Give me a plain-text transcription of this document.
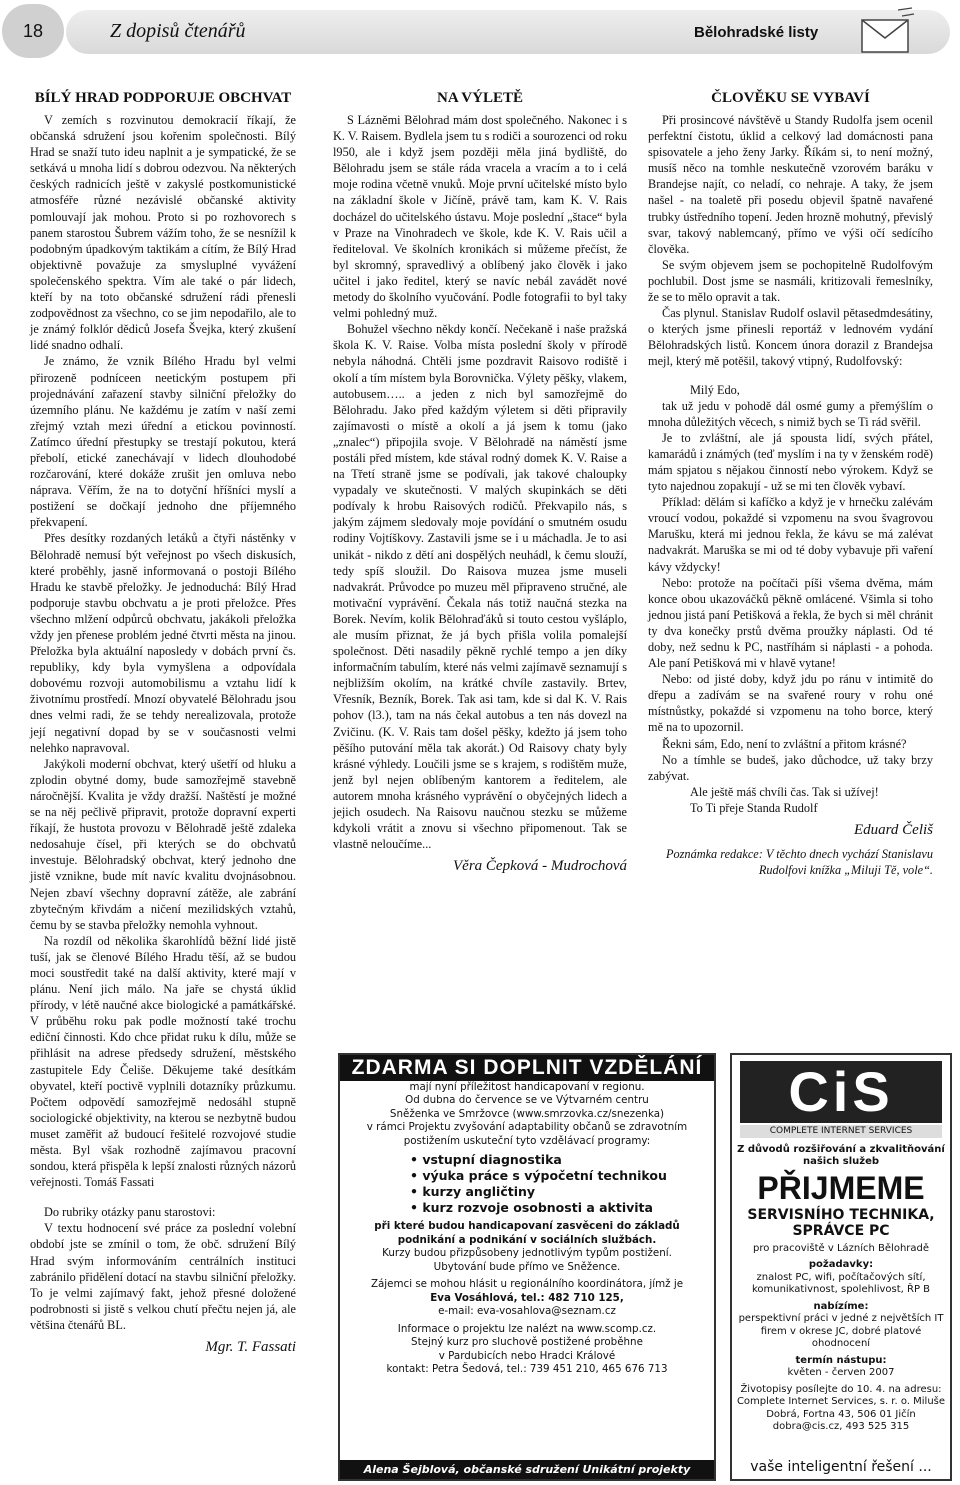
18	Z dopisů čtenářů	Bělohradské listy
BÍLÝ HRAD PODPORUJE OBCHVAT

V zemích s rozvinutou demokracií říkají, že občanská sdružení jsou kořenim společnosti. Bílý Hrad se snaží tuto ideu naplnit a je sympatické, že se setkává u mnoha lidí s dobrou odezvou. Na některých českých radnicích ještě v zakyslé postkomunistické atmosféře různé nezávislé občanské aktivity pomlouvají jak mohou. Proto si po rozhovorech s panem starostou Šubrem vážím toho, že se nesnížil k podobným úpadkovým taktikám a cítím, že Bílý Hrad objektivně považuje za smysluplné vyvážení společenského spektra. Vím ale také o pár lidech, kteří by na toto občanské sdružení rádi přenesli zodpovědnost za všechno, co se jim nepodařilo, ale to je známý folklór dědiců Josefa Švejka, který zkušení lidé snadno odhalí.

Je známo, že vznik Bílého Hradu byl velmi přirozeně podníceen neetickým postupem při projednávání zařazení stavby silniční přeložky do územního plánu. Ne každému je zatím v naší zemi zřejmý vztah mezi úřední a etickou povinností. Zatímco úřední přestupky se trestají pokutou, která přebolí, etické zanechávají v lidech dlouhodobé rozčarování, které dokáže zrušit jen omluva nebo náprava. Věřím, že na to dotyční hříšníci myslí a postižení se dočkají jednoho dne příjemného překvapení.

Přes desítky rozdaných letáků a čtyři nástěnky v Bělohradě nemusí být veřejnost po všech diskusích, které proběhly, jasně informovaná o postoji Bílého Hradu ke stavbě přeložky. Je jednoduchá: Bílý Hrad podporuje stavbu obchvatu a je proti přeložce. Přes všechno mlžení odpůrců obchvatu, jakákoli přeložka vždy jen přenese problém jedné čtvrti města na jinou. Přeložka byla aktuální naposledy v dobách první čs. republiky, kdy byla vymyšlena a odpovídala dobovému rozvoji automobilismu a vztahu lidí k životnímu prostředí. Mnozí obyvatelé Bělohradu jsou dnes velmi radi, že se tehdy nerealizovala, protože její negativní dopad by se v současnosti velmi nelehko napravoval.

Jakýkoli moderní obchvat, který ušetří od hluku a zplodin obytné domy, bude samozřejmě stavebně náročnější. Kvalita je vždy dražší. Naštěstí je možné se na něj pečlivě připravit, protože dopravní experti říkají, že hustota provozu v Bělohradě ještě zdaleka nedosahuje čísel, při kterých se do obchvatů investuje. Bělohradský obchvat, který jednoho dne jistě vznikne, bude mít navíc kvalitu dvojnásobnou. Nejen zbaví všechny dopravní zátěže, ale zabrání zbytečným křivdám a ničení mezilidských vztahů, čemu by se stavba přeložky nemohla vyhnout.

Na rozdíl od několika škarohlídů běžní lidé jistě tuší, jak se členové Bílého Hradu těší, až se budou moci soustředit také na další aktivity, které mají v plánu. Není jich málo. Na jaře se chystá úklid přírody, v létě naučné akce biologické a památkářské. V průběhu roku pak podle možností také trochu ediční činnosti. Kdo chce přidat ruku k dílu, může se přihlásit na adrese předsedy sdružení, městského zastupitele Edy Čeliše. Děkujeme také desítkám obyvatel, kteří poctivě vyplnili dotazníky průzkumu. Počtem odpovědí samozřejmě nedosáhl stupně sociologické objektivity, na kterou se nezbytně budou muset zaměřit až budoucí řešitelé rozvojové studie města. Byl však rozhodně zajímavou pracovní sondou, která přispěla k lepší znalosti různých názorů veřejnosti. Tomáš Fassati

Do rubriky otázky panu starostovi:

V textu hodnocení své práce za poslední volební období jste se zmínil o tom, že obč. sdružení Bílý Hrad svým informováním centrálních instituci zabránilo přidělení dotací na stavbu silniční přeložky. To je velmi zajímavý fakt, jehož přesné doložené podrobnosti si jistě s velkou chutí přečtu nejen já, ale většina čtenářů BL.

Mgr. T. Fassati
NA VÝLETĚ

S Lázněmi Bělohrad mám dost společného. Nakonec i s K. V. Raisem. Bydlela jsem tu s rodiči a sourozenci od roku l950, ale i když jsem později měla jiná bydliště, do Bělohradu jsem se stále ráda vracela a vracím a to i celá moje rodina včetně vnuků. Moje první učitelské místo bylo na základní škole v Jičíně, právě tam, kam K. V. Rais docházel do učitelského ústavu. Moje poslední „štace“ byla v Praze na Vinohradech ve škole, kde K. V. Rais učil a řediteloval. Ve školních kronikách si můžeme přečíst, že byl skromný, spravedlivý a oblíbený jako člověk i jako učitel i jako ředitel, který se navíc nebál zavádět nové metody do školního vyučování. Podle fotografii to byl taky velmi pohledný muž.

Bohužel všechno někdy končí. Nečekaně i naše pražská škola K. V. Raise. Volba místa poslední školy v přírodě nebyla náhodná. Chtěli jsme pozdravit Raisovo rodiště i okolí a tím místem byla Borovnička. Výlety pěšky, vlakem, autobusem….. a jeden z nich byl samozřejmě do Bělohradu. Jako před každým výletem si děti připravily zajímavosti o místě a okolí a já jsem k tomu (jako „znalec“) připojila svoje. V Bělohradě na náměstí jsme postáli před místem, kde stával rodný domek K. V. Raise a na Třetí straně jsme se podívali, jak takové chaloupky vypadaly ve skutečnosti. V malých skupinkách se děti podívaly k hrobu Raisových rodičů. Překvapilo nás, s jakým zájmem sledovaly moje povídání o smutném osudu rodiny Vojtíškovy. Zastavili jsme se i u máchadla. Je to asi unikát - nikdo z dětí ani dospělých neuhádl, k čemu slouží, tedy spíš sloužil. Do Raisova muzea jsme museli nadvakrát. Průvodce po muzeu měl připraveno stručné, ale motivační vyprávění. Čekala nás totiž naučná stezka na Borek. Nevím, kolik Bělohraďáků si touto cestou vyšláplo, ale musím přiznat, že já bych přišla volila pomalejší společnost. Děti nasadily pěkně rychlé tempo a jen díky informačním tabulím, které nás velmi zajímavě seznamují s nejbližším okolím, na krátké chvíle zastavily. Brtev, Vřesník, Bezník, Borek. Tak asi tam, kde si dal K. V. Rais pohov (l3.), tam na nás čekal autobus a ten nás dovezl na Zvičinu. (K. V. Rais tam došel pěšky, kdežto já jsem toho pěšího putování měla tak akorát.) Od Raisovy chaty byly krásné výhledy. Loučili jsme se s krajem, s rodištěm muže, jenž byl nejen oblíbeným kantorem a ředitelem, ale autorem mnoha krásného vyprávění o obyčejných lidech a jejich osudech. Na Raisovu naučnou stezku se můžeme kdykoli vrátit a znovu si všechno připomenout. Tak se vlastně neloučíme...

Věra Čepková - Mudrochová
ČLOVĚKU SE VYBAVÍ

Při prosincové návštěvě u Standy Rudolfa jsem ocenil perfektní čistotu, úklid a celkový lad domácnosti pana spisovatele a jeho ženy Jarky. Říkám si, to není možný, musíš něco na tomhle neskutečně vzorovém baráku v Brandejse najít, co neladí, co nehraje. A taky, že jsem našel - na toaletě při posedu objevil špatně navařené trubky ústředního topení. Jeden hrozně mohutný, převislý svar, takový nablemcaný, přímo ve výši očí sedícího člověka.

Se svým objevem jsem se pochopitelně Rudolfovým pochlubil. Dost jsme se nasmáli, kritizovali řemeslníky, že se to mělo opravit a tak.

Čas plynul. Stanislav Rudolf oslavil pětasedmdesátiny, o kterých jsme přinesli reportáž v lednovém vydání Bělohradských listů. Koncem února dorazil z Brandejsa mejl, který mě potěšil, takový vtipný, Rudolfovský:

Milý Edo,

tak už jedu v pohodě dál osmé gumy a přemýšlím o mnoha důležitých věcech, s nimiž bych se Ti rád svěřil.

Je to zvláštní, ale já spousta lidí, svých přátel, kamarádů i známých (teď myslím i na ty v ženském rodě) mám spjatou s nějakou činností nebo výrokem. Když se tyto najednou zopakují - už se mi ten člověk vybaví.

Příklad: dělám si kafíčko a když je v hrnečku zalévám vroucí vodou, pokaždé si vzpomenu na svou švagrovou Marušku, která mi jednou řekla, že kávu se má zalévat nadvakrát. Maruška se mi od té doby vybavuje při vaření kávy vždycky!

Nebo: protože na počítači píši všema dvěma, mám konce obou ukazováčků pěkně omlácené. Všimla si toho jednou jistá paní Petišková a řekla, že bych si měl chránit ty dva konečky prstů dvěma proužky náplasti. Od té doby, než sednu k PC, nastříhám si náplasti - a pohoda. Ale paní Petišková mi v hlavě vytane!

Nebo: od jisté doby, když jdu po ránu v intimitě do dřepu a zadívám se na svařené roury v rohu oné místnůstky, pokaždé si vzpomenu na toho borce, který mě na to upozornil.

Řekni sám, Edo, není to zvláštní a přitom krásné?

No a tímhle se budeš, jako důchodce, už taky brzy zabývat.

Ale ještě máš chvíli čas. Tak si užívej!

To Ti přeje Standa Rudolf

Eduard Čeliš
Poznámka redakce: V těchto dnech vychází Stanislavu Rudolfovi knížka „Miluji Tě, vole“.
ZDARMA SI DOPLNIT VZDĚLÁNÍ
mají nyní příležitost handicapovaní v regionu.
Od dubna do července se ve Výtvarném centru
Sněženka ve Smržovce (www.smrzovka.cz/snezenka)
v rámci Projektu zvyšování adaptability občanů se zdravotním
postižením uskuteční tyto vzdělávací programy:
• vstupní diagnostika
• výuka práce s výpočetní technikou
• kurzy angličtiny
• kurz rozvoje osobnosti a aktivita
při které budou handicapovaní zasvěceni do základů
podnikání a podnikání v sociálních službách.
Kurzy budou přizpůsobeny jednotlivým typům postižení.
Ubytování bude přímo ve Sněžence.
Zájemci se mohou hlásit u regionálního koordinátora, jímž je
Eva Vosáhlová, tel.: 482 710 125,
e-mail: eva-vosahlova@seznam.cz
Informace o projektu lze nalézt na www.scomp.cz.
Stejný kurz pro sluchově postižené proběhne
v Pardubicích nebo Hradci Králové
kontakt: Petra Šedová, tel.: 739 451 210, 465 676 713
Alena Šejblová, občanské sdružení Unikátní projekty
CiS
COMPLETE INTERNET SERVICES
Z důvodů rozšiřování a zkvalitňování našich služeb
PŘIJMEME
SERVISNÍHO TECHNIKA, SPRÁVCE PC
pro pracoviště v Lázních Bělohradě
požadavky:
znalost PC, wifi, počítačových sítí, komunikativnost, spolehlivost, ŘP B
nabízíme:
perspektivní práci v jedné z největších IT firem v okrese JC, dobré platové ohodnocení
termín nástupu:
květen - červen 2007
Životopisy posílejte do 10. 4. na adresu: Complete Internet Services, s. r. o. Miluše Dobrá, Fortna 43, 506 01 Jičín dobra@cis.cz, 493 525 315
vaše inteligentní řešení ...
